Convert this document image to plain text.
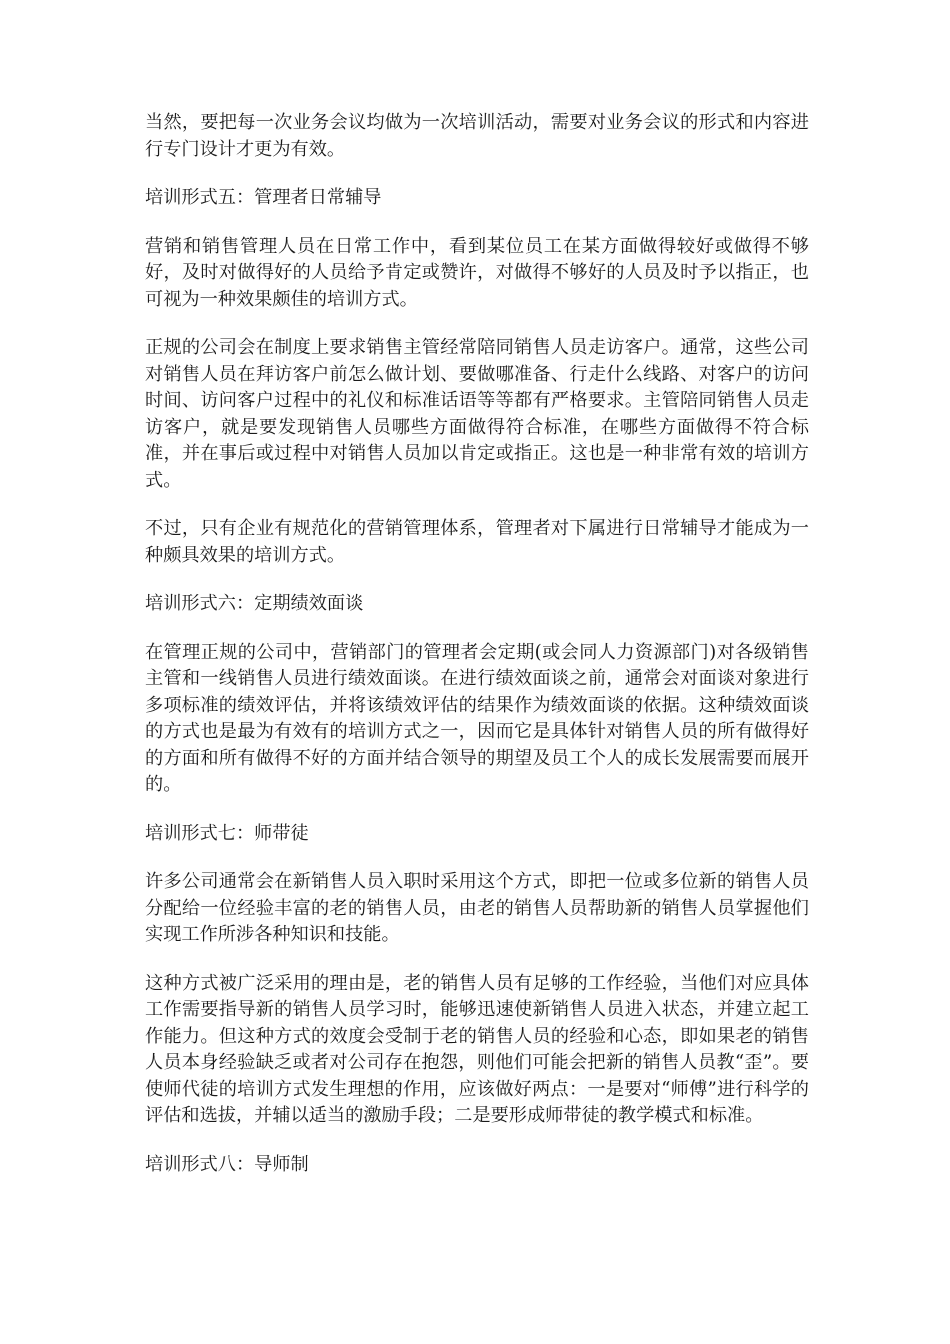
当然，要把每一次业务会议均做为一次培训活动，需要对业务会议的形式和内容进行专门设计才更为有效。

培训形式五：管理者日常辅导

营销和销售管理人员在日常工作中，看到某位员工在某方面做得较好或做得不够好，及时对做得好的人员给予肯定或赞许，对做得不够好的人员及时予以指正，也可视为一种效果颇佳的培训方式。

正规的公司会在制度上要求销售主管经常陪同销售人员走访客户。通常，这些公司对销售人员在拜访客户前怎么做计划、要做哪准备、行走什么线路、对客户的访问时间、访问客户过程中的礼仪和标准话语等等都有严格要求。主管陪同销售人员走访客户，就是要发现销售人员哪些方面做得符合标准，在哪些方面做得不符合标准，并在事后或过程中对销售人员加以肯定或指正。这也是一种非常有效的培训方式。

不过，只有企业有规范化的营销管理体系，管理者对下属进行日常辅导才能成为一种颇具效果的培训方式。

培训形式六：定期绩效面谈

在管理正规的公司中，营销部门的管理者会定期(或会同人力资源部门)对各级销售主管和一线销售人员进行绩效面谈。在进行绩效面谈之前，通常会对面谈对象进行多项标准的绩效评估，并将该绩效评估的结果作为绩效面谈的依据。这种绩效面谈的方式也是最为有效有的培训方式之一，因而它是具体针对销售人员的所有做得好的方面和所有做得不好的方面并结合领导的期望及员工个人的成长发展需要而展开的。

培训形式七：师带徒

许多公司通常会在新销售人员入职时采用这个方式，即把一位或多位新的销售人员分配给一位经验丰富的老的销售人员，由老的销售人员帮助新的销售人员掌握他们实现工作所涉各种知识和技能。

这种方式被广泛采用的理由是，老的销售人员有足够的工作经验，当他们对应具体工作需要指导新的销售人员学习时，能够迅速使新销售人员进入状态，并建立起工作能力。但这种方式的效度会受制于老的销售人员的经验和心态，即如果老的销售人员本身经验缺乏或者对公司存在抱怨，则他们可能会把新的销售人员教“歪”。要使师代徒的培训方式发生理想的作用，应该做好两点：一是要对“师傅”进行科学的评估和选拔，并辅以适当的激励手段；二是要形成师带徒的教学模式和标准。

培训形式八：导师制
